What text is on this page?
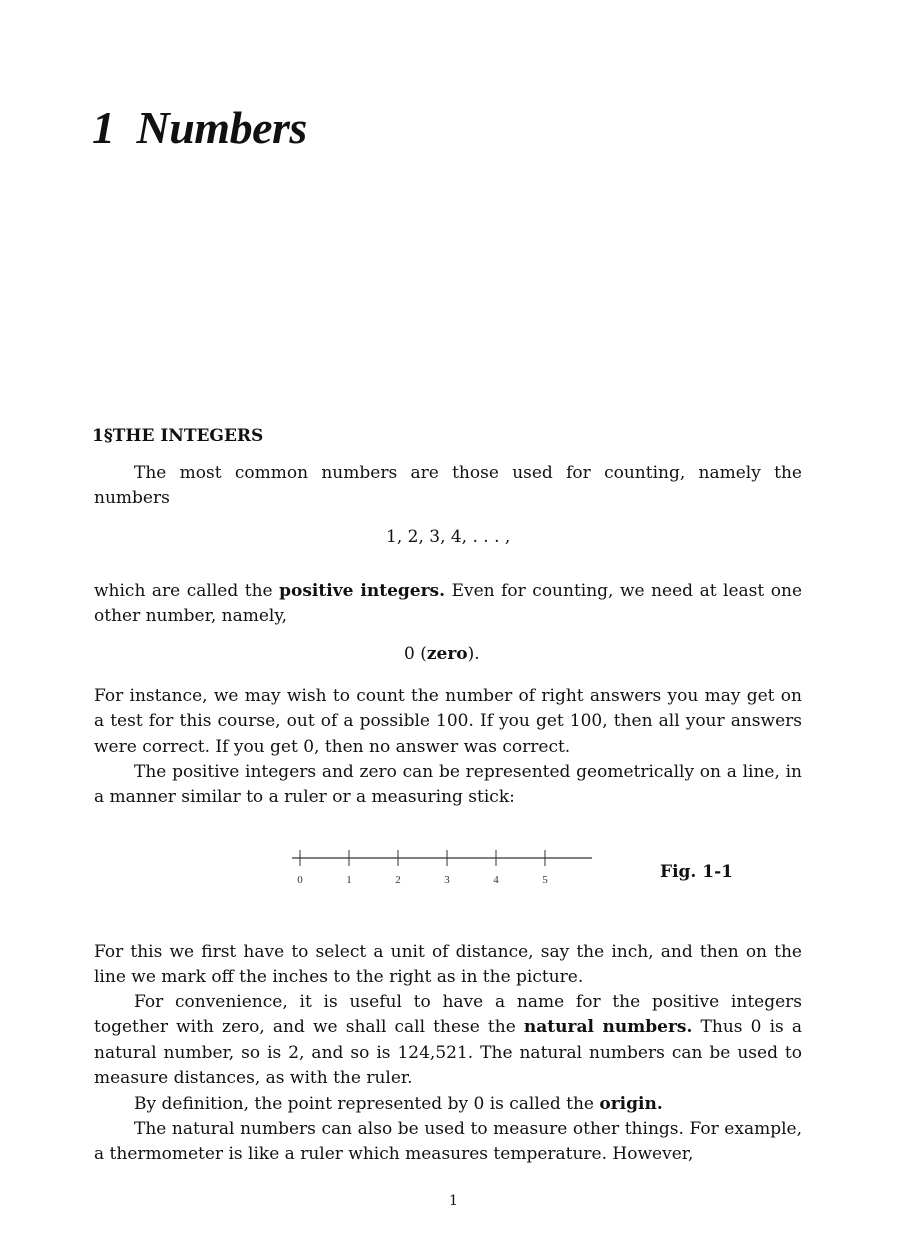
1 Numbers
1§THE INTEGERS
The most common numbers are those used for counting, namely the numbers
1, 2, 3, 4, . . . ,
which are called the positive integers. Even for counting, we need at least one other number, namely,
0 (zero).
For instance, we may wish to count the number of right answers you may get on a test for this course, out of a possible 100. If you get 100, then all your answers were correct. If you get 0, then no answer was correct.
The positive integers and zero can be represented geometrically on a line, in a manner similar to a ruler or a measuring stick:
0	1	2	3	4	5	Fig. 1-1
For this we first have to select a unit of distance, say the inch, and then on the line we mark off the inches to the right as in the picture.
For convenience, it is useful to have a name for the positive integers together with zero, and we shall call these the natural numbers. Thus 0 is a natural number, so is 2, and so is 124,521. The natural numbers can be used to measure distances, as with the ruler.
By definition, the point represented by 0 is called the origin.
The natural numbers can also be used to measure other things. For example, a thermometer is like a ruler which measures temperature. However,
1
